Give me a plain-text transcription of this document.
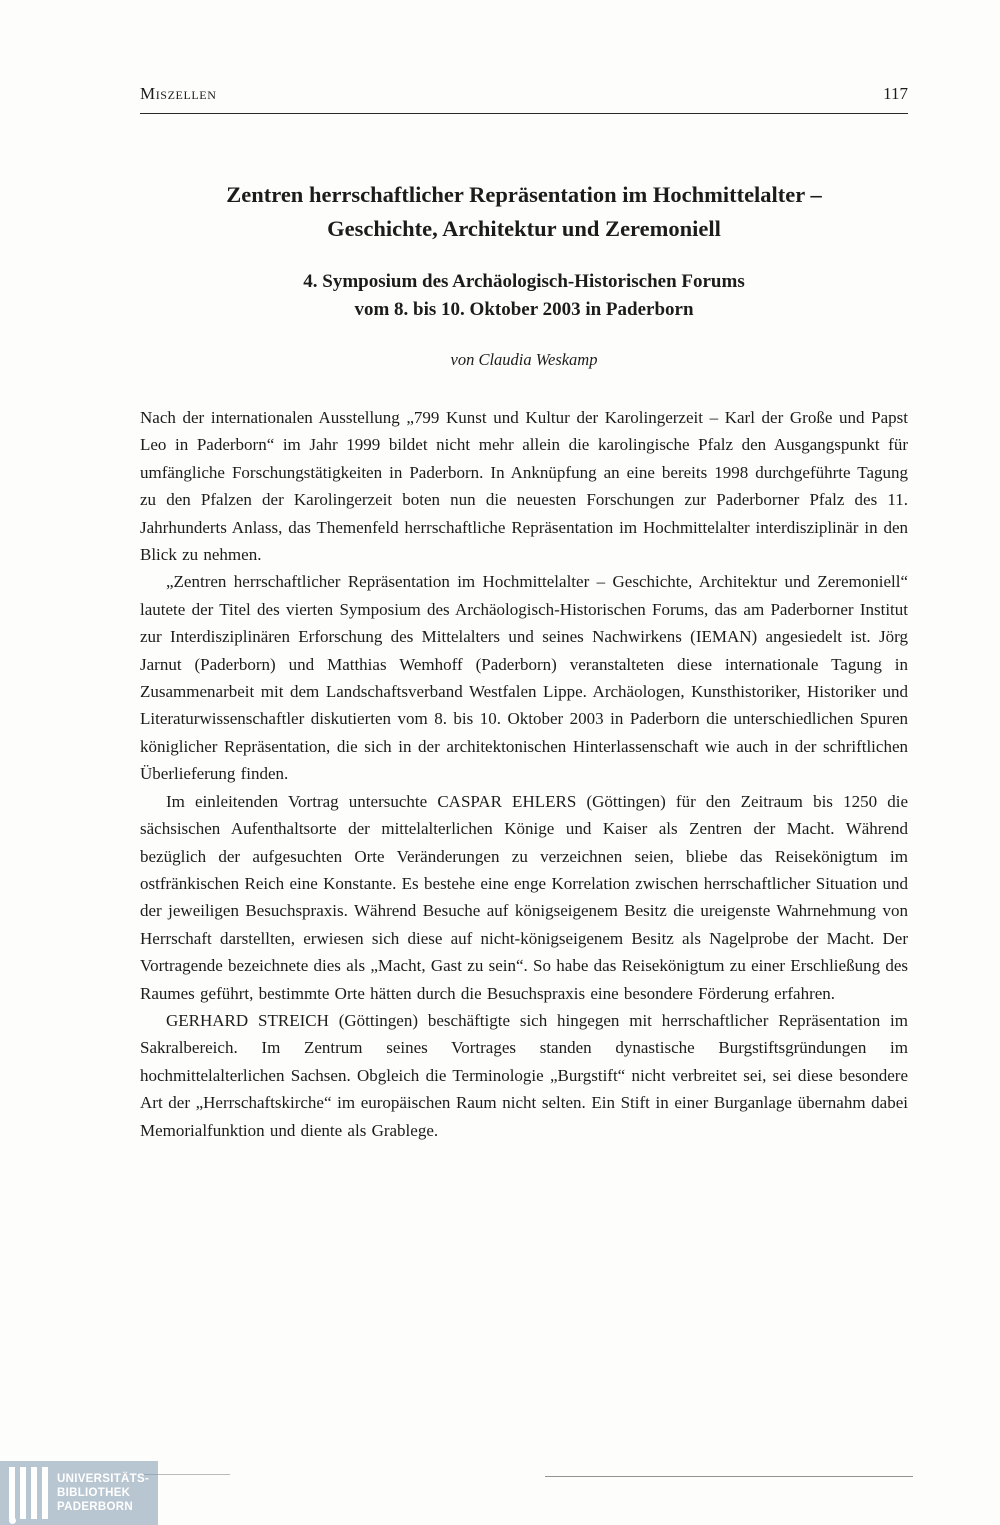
Miszellen	117
Zentren herrschaftlicher Repräsentation im Hochmittelalter –
Geschichte, Architektur und Zeremoniell
4. Symposium des Archäologisch-Historischen Forums
vom 8. bis 10. Oktober 2003 in Paderborn

von Claudia Weskamp

Nach der internationalen Ausstellung „799 Kunst und Kultur der Karolingerzeit – Karl der Große und Papst Leo in Paderborn“ im Jahr 1999 bildet nicht mehr allein die karolingische Pfalz den Ausgangspunkt für umfängliche Forschungstätigkeiten in Paderborn. In Anknüpfung an eine bereits 1998 durchgeführte Tagung zu den Pfalzen der Karolingerzeit boten nun die neuesten Forschungen zur Paderborner Pfalz des 11. Jahrhunderts Anlass, das Themenfeld herrschaftliche Repräsentation im Hochmittelalter interdisziplinär in den Blick zu nehmen.

„Zentren herrschaftlicher Repräsentation im Hochmittelalter – Geschichte, Architektur und Zeremoniell“ lautete der Titel des vierten Symposium des Archäologisch-Historischen Forums, das am Paderborner Institut zur Interdisziplinären Erforschung des Mittelalters und seines Nachwirkens (IEMAN) angesiedelt ist. Jörg Jarnut (Paderborn) und Matthias Wemhoff (Paderborn) veranstalteten diese internationale Tagung in Zusammenarbeit mit dem Landschaftsverband Westfalen Lippe. Archäologen, Kunsthistoriker, Historiker und Literaturwissenschaftler diskutierten vom 8. bis 10. Oktober 2003 in Paderborn die unterschiedlichen Spuren königlicher Repräsentation, die sich in der architektonischen Hinterlassenschaft wie auch in der schriftlichen Überlieferung finden.

Im einleitenden Vortrag untersuchte CASPAR EHLERS (Göttingen) für den Zeitraum bis 1250 die sächsischen Aufenthaltsorte der mittelalterlichen Könige und Kaiser als Zentren der Macht. Während bezüglich der aufgesuchten Orte Veränderungen zu verzeichnen seien, bliebe das Reisekönigtum im ostfränkischen Reich eine Konstante. Es bestehe eine enge Korrelation zwischen herrschaftlicher Situation und der jeweiligen Besuchspraxis. Während Besuche auf königseigenem Besitz die ureigenste Wahrnehmung von Herrschaft darstellten, erwiesen sich diese auf nicht-königseigenem Besitz als Nagelprobe der Macht. Der Vortragende bezeichnete dies als „Macht, Gast zu sein“. So habe das Reisekönigtum zu einer Erschließung des Raumes geführt, bestimmte Orte hätten durch die Besuchspraxis eine besondere Förderung erfahren.

GERHARD STREICH (Göttingen) beschäftigte sich hingegen mit herrschaftlicher Repräsentation im Sakralbereich. Im Zentrum seines Vortrages standen dynastische Burgstiftsgründungen im hochmittelalterlichen Sachsen. Obgleich die Terminologie „Burgstift“ nicht verbreitet sei, sei diese besondere Art der „Herrschaftskirche“ im europäischen Raum nicht selten. Ein Stift in einer Burganlage übernahm dabei Memorialfunktion und diente als Grablege.

UNIVERSITÄTS-
BIBLIOTHEK
PADERBORN
